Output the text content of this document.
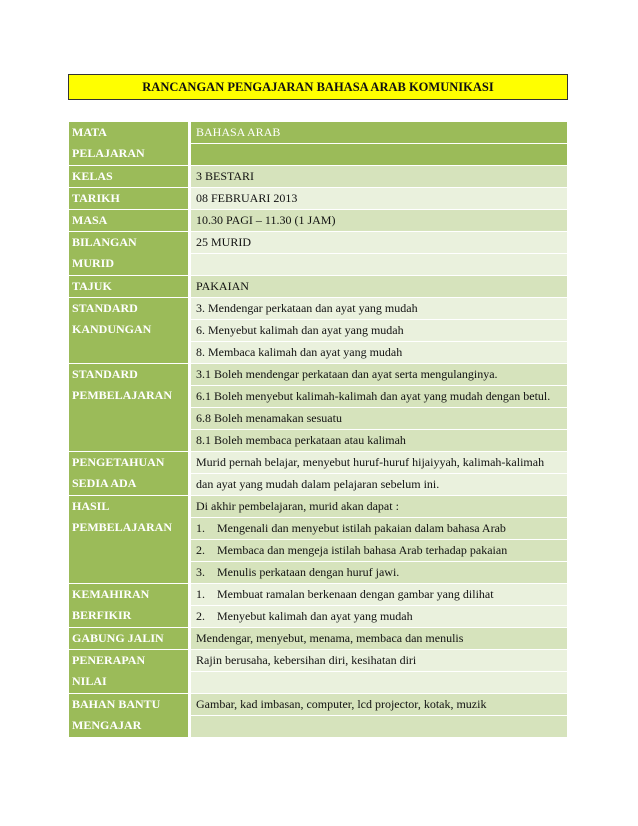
RANCANGAN PENGAJARAN BAHASA ARAB KOMUNIKASI
MATA
PELAJARAN	BAHASA ARAB

KELAS	3 BESTARI

TARIKH	08 FEBRUARI 2013

MASA	10.30 PAGI – 11.30 (1 JAM)

BILANGAN
MURID	25 MURID

TAJUK	PAKAIAN

STANDARD
KANDUNGAN	3. Mendengar perkataan dan ayat yang mudah
6. Menyebut kalimah dan ayat yang mudah
8. Membaca kalimah dan ayat yang mudah

STANDARD
PEMBELAJARAN	3.1 Boleh mendengar perkataan dan ayat serta mengulanginya.
6.1 Boleh menyebut kalimah-kalimah dan ayat yang mudah dengan betul.
6.8 Boleh menamakan sesuatu
8.1 Boleh membaca perkataan atau kalimah

PENGETAHUAN
SEDIA ADA	Murid pernah belajar, menyebut huruf-huruf hijaiyyah, kalimah-kalimah
dan ayat yang mudah dalam pelajaran sebelum ini.

HASIL
PEMBELAJARAN	Di akhir pembelajaran, murid akan dapat :
1. Mengenali dan menyebut istilah pakaian dalam bahasa Arab
2. Membaca dan mengeja istilah bahasa Arab terhadap pakaian
3. Menulis perkataan dengan huruf jawi.

KEMAHIRAN
BERFIKIR	1. Membuat ramalan berkenaan dengan gambar yang dilihat
2. Menyebut kalimah dan ayat yang mudah

GABUNG JALIN	Mendengar, menyebut, menama, membaca dan menulis

PENERAPAN
NILAI	Rajin berusaha, kebersihan diri, kesihatan diri

BAHAN BANTU
MENGAJAR	Gambar, kad imbasan, computer, lcd projector, kotak, muzik
